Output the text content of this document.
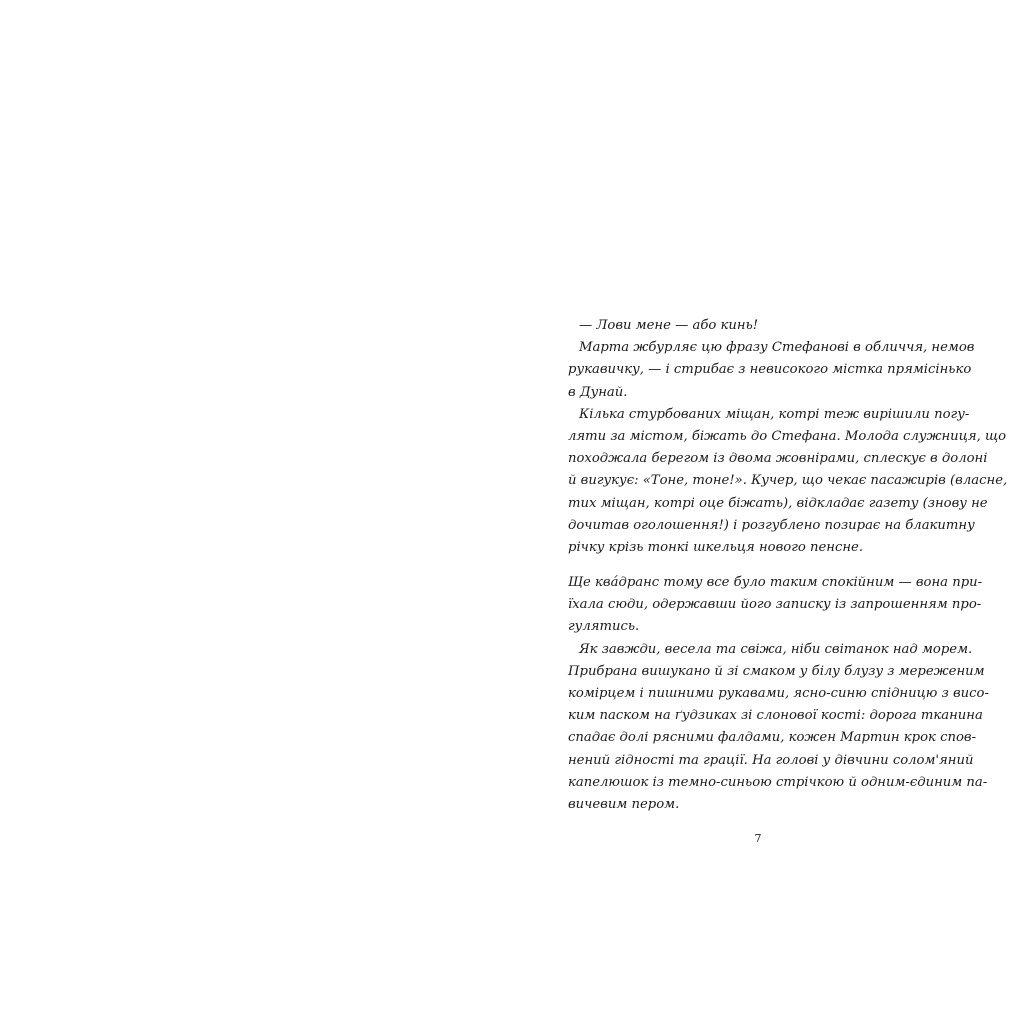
— Лови мене — або кинь!
Марта жбурляє цю фразу Стефанові в обличчя, немов
рукавичку, — і стрибає з невисокого містка прямісінько
в Дунай.
Кілька стурбованих міщан, котрі теж вирішили погу-
ляти за містом, біжать до Стефана. Молода служниця, що
походжала берегом із двома жовнірами, сплескує в долоні
й вигукує: «Тоне, тоне!». Кучер, що чекає пасажирів (власне,
тих міщан, котрі оце біжать), відкладає газету (знову не
дочитав оголошення!) і розгублено позирає на блакитну
річку крізь тонкі шкельця нового пенсне.
Ще квáдранс тому все було таким спокійним — вона при-
їхала сюди, одержавши його записку із запрошенням про-
гулятись.
Як завжди, весела та свіжа, ніби світанок над морем.
Прибрана вишукано й зі смаком у білу блузу з мереженим
комірцем і пишними рукавами, ясно-синю спідницю з висо-
ким паском на ґудзиках зі слонової кості: дорога тканина
спадає долі рясними фалдами, кожен Мартин крок спов-
нений гідності та грації. На голові у дівчини солом'яний
капелюшок із темно-синьою стрічкою й одним-єдиним па-
вичевим пером.
7
